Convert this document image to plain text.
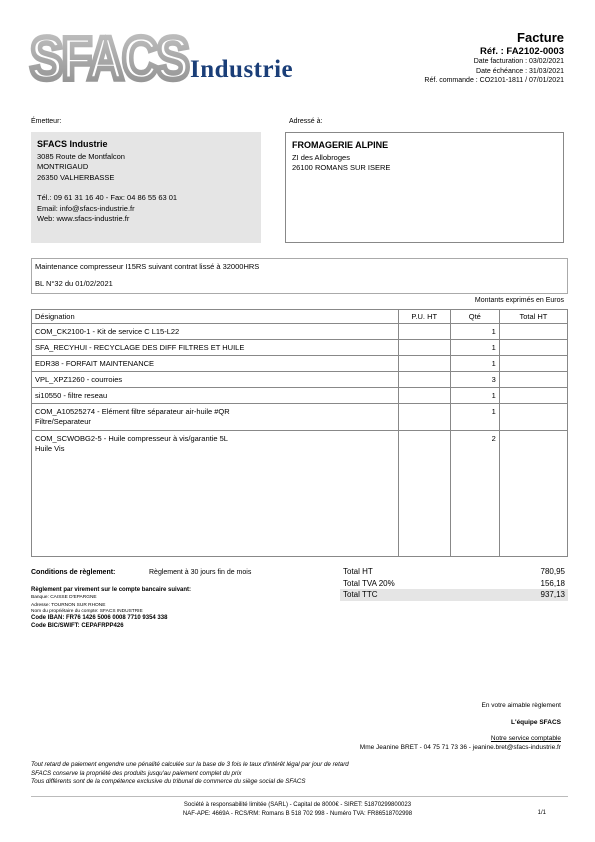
SFACS Industrie
Facture
Réf. : FA2102-0003
Date facturation : 03/02/2021
Date échéance : 31/03/2021
Réf. commande : CO2101-1811 / 07/01/2021
Émetteur:	Adressé à:
SFACS Industrie
3085 Route de Montfalcon
MONTRIGAUD
26350 VALHERBASSE
Tél.: 09 61 31 16 40 - Fax: 04 86 55 63 01
Email: info@sfacs-industrie.fr
Web: www.sfacs-industrie.fr
FROMAGERIE ALPINE
ZI des Allobroges
26100 ROMANS SUR ISERE
Maintenance compresseur I15RS suivant contrat lissé à 32000HRS
BL N°32 du 01/02/2021
Montants exprimés en Euros
Désignation	P.U. HT	Qté	Total HT

COM_CK2100-1 - Kit de service C L15-L22		1	

SFA_RECYHUI - RECYCLAGE DES DIFF FILTRES ET HUILE		1	

EDR38 - FORFAIT MAINTENANCE		1	

VPL_XPZ1260 - courroies		3	

si10550 - filtre reseau		1	

COM_A10525274 - Elément filtre séparateur air-huile #QR
Filtre/Separateur		1	

COM_SCWOBG2-5 - Huile compresseur à vis/garantie 5L
Huile Vis		2	
Conditions de règlement:	Règlement à 30 jours fin de mois
Règlement par virement sur le compte bancaire suivant:
Banque: CAISSE D'EPARGNE
Adresse: TOURNON SUR RHONE
Nom du propriétaire du compte: SFACS INDUSTRIE
Code IBAN: FR76 1426 5006 0008 7710 9354 338
Code BIC/SWIFT: CEPAFRPP426
Total HT	780,95
Total TVA 20%	156,18
Total TTC	937,13
En votre aimable règlement
L'équipe SFACS
Notre service comptable
Mme Jeanine BRET - 04 75 71 73 36 - jeanine.bret@sfacs-industrie.fr
Tout retard de paiement engendre une pénalité calculée sur la base de 3 fois le taux d'intérêt légal par jour de retard
SFACS conserve la propriété des produits jusqu'au paiement complet du prix
Tous différents sont de la compétence exclusive du tribunal de commerce du siège social de SFACS
Société à responsabilité limitée (SARL) - Capital de 8000€ - SIRET: 51870299800023
NAF-APE: 4669A - RCS/RM: Romans B 518 702 998 - Numéro TVA: FR86518702998	1/1
